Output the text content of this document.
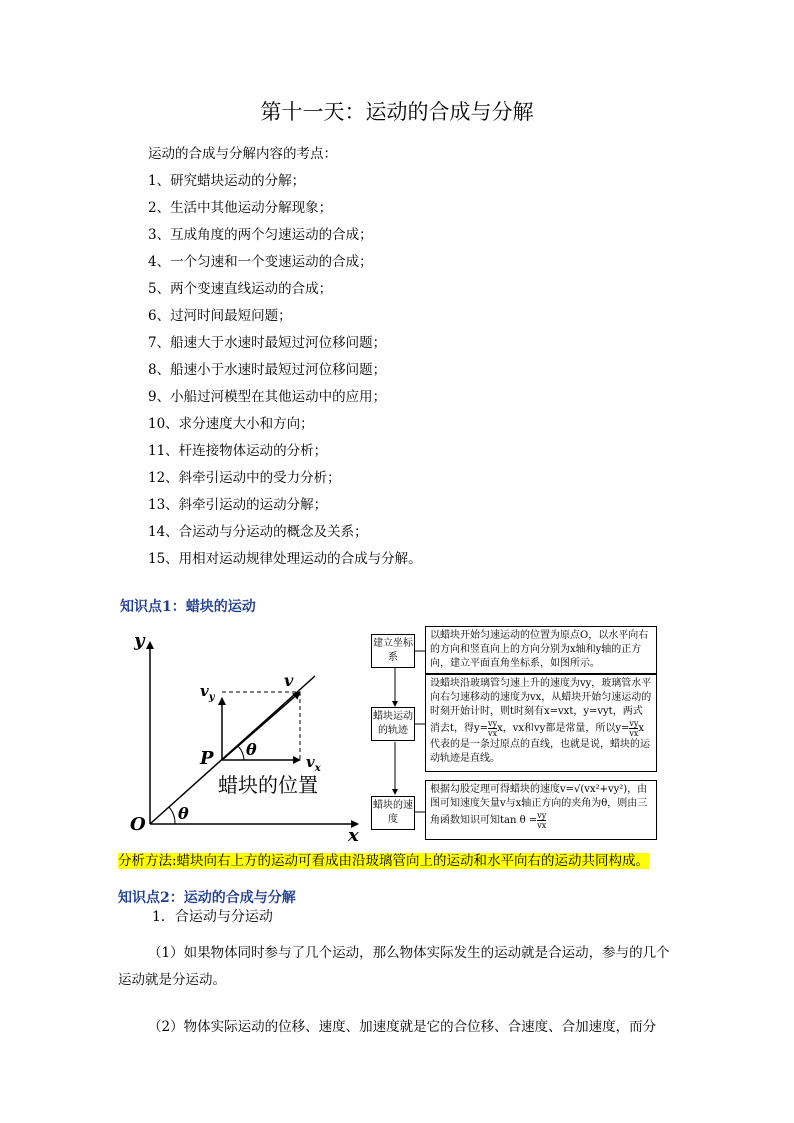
第十一天：运动的合成与分解
运动的合成与分解内容的考点：
1、研究蜡块运动的分解；
2、生活中其他运动分解现象；
3、互成角度的两个匀速运动的合成；
4、一个匀速和一个变速运动的合成；
5、两个变速直线运动的合成；
6、过河时间最短问题；
7、船速大于水速时最短过河位移问题；
8、船速小于水速时最短过河位移问题；
9、小船过河模型在其他运动中的应用；
10、求分速度大小和方向；
11、杆连接物体运动的分析；
12、斜牵引运动中的受力分析；
13、斜牵引运动的运动分解；
14、合运动与分运动的概念及关系；
15、用相对运动规律处理运动的合成与分解。
知识点1：蜡块的运动
y
x
O
P
θ
θ
v
$v_y$
$v_x$
蜡块的位置
建立坐标系
以蜡块开始匀速运动的位置为原点O，以水平向右的方向和竖直向上的方向分别为x轴和y轴的正方向，建立平面直角坐标系，如图所示。
蜡块运动的轨迹
设蜡块沿玻璃管匀速上升的速度为vy，玻璃管水平向右匀速移动的速度为vx，从蜡块开始匀速运动的时刻开始计时，则t时刻有x=vxt，y=vyt，两式消去t，得$y= \frac{vy}{vx}$ x，vx和vy都是常量，所以$y= \frac{vy}{vx}$ x代表的是一条过原点的直线，也就是说，蜡块的运动轨迹是直线。
蜡块的速度
根据勾股定理可得蜡块的速度v=√(vx²+vy²)，由图可知速度矢量v与x轴正方向的夹角为θ，则由三角函数知识可知$\tan \theta = \frac{vy}{vx}$
分析方法:蜡块向右上方的运动可看成由沿玻璃管向上的运动和水平向右的运动共同构成。
知识点2：运动的合成与分解
1．合运动与分运动
（1）如果物体同时参与了几个运动，那么物体实际发生的运动就是合运动，参与的几个运动就是分运动。
（2）物体实际运动的位移、速度、加速度就是它的合位移、合速度、合加速度，而分
